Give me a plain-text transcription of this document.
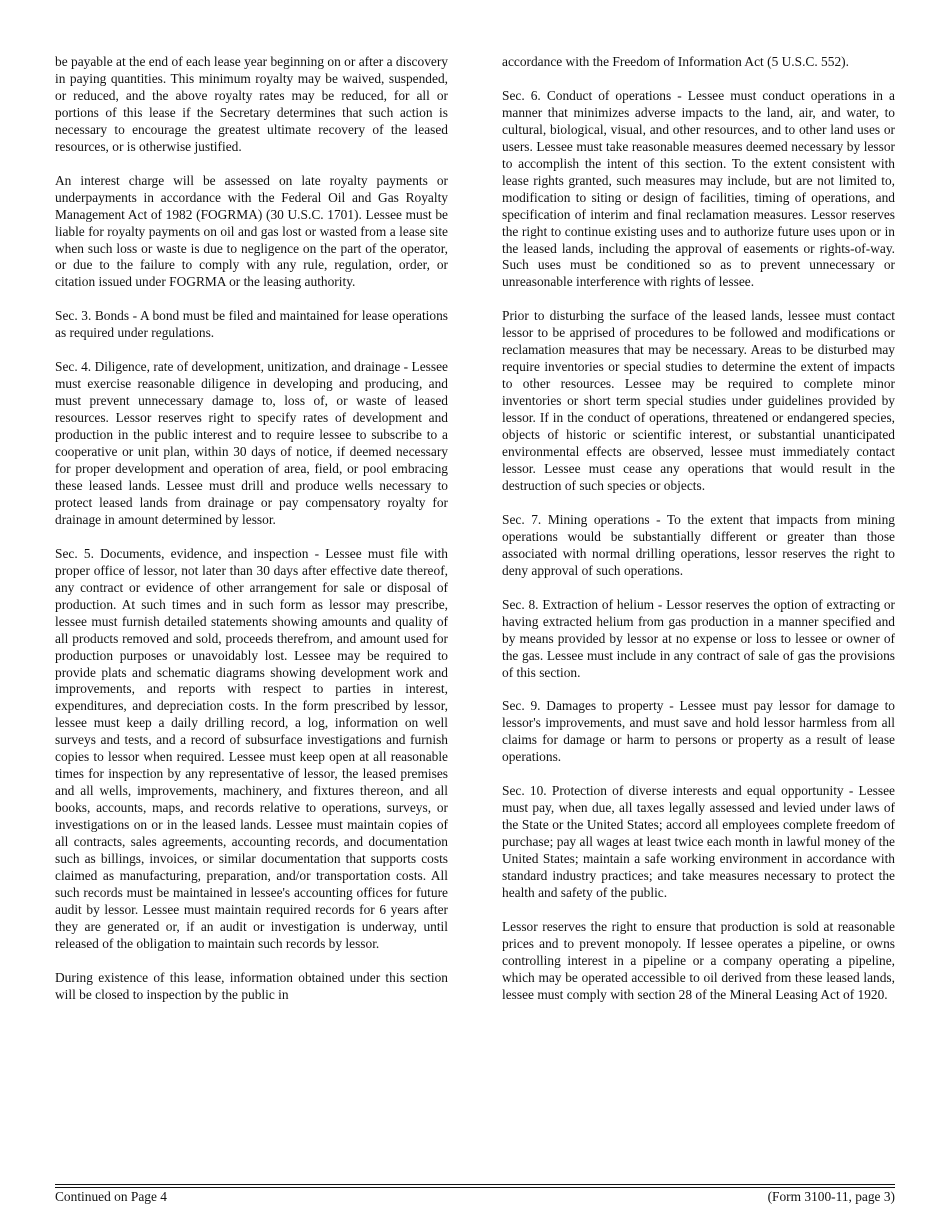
be payable at the end of each lease year beginning on or after a discovery in paying quantities. This minimum royalty may be waived, suspended, or reduced, and the above royalty rates may be reduced, for all or portions of this lease if the Secretary determines that such action is necessary to encourage the greatest ultimate recovery of the leased resources, or is otherwise justified.

An interest charge will be assessed on late royalty payments or underpayments in accordance with the Federal Oil and Gas Royalty Management Act of 1982 (FOGRMA) (30 U.S.C. 1701). Lessee must be liable for royalty payments on oil and gas lost or wasted from a lease site when such loss or waste is due to negligence on the part of the operator, or due to the failure to comply with any rule, regulation, order, or citation issued under FOGRMA or the leasing authority.

Sec. 3. Bonds - A bond must be filed and maintained for lease operations as required under regulations.

Sec. 4. Diligence, rate of development, unitization, and drainage - Lessee must exercise reasonable diligence in developing and producing, and must prevent unnecessary damage to, loss of, or waste of leased resources. Lessor reserves right to specify rates of development and production in the public interest and to require lessee to subscribe to a cooperative or unit plan, within 30 days of notice, if deemed necessary for proper development and operation of area, field, or pool embracing these leased lands. Lessee must drill and produce wells necessary to protect leased lands from drainage or pay compensatory royalty for drainage in amount determined by lessor.

Sec. 5. Documents, evidence, and inspection - Lessee must file with proper office of lessor, not later than 30 days after effective date thereof, any contract or evidence of other arrangement for sale or disposal of production. At such times and in such form as lessor may prescribe, lessee must furnish detailed statements showing amounts and quality of all products removed and sold, proceeds therefrom, and amount used for production purposes or unavoidably lost. Lessee may be required to provide plats and schematic diagrams showing development work and improvements, and reports with respect to parties in interest, expenditures, and depreciation costs. In the form prescribed by lessor, lessee must keep a daily drilling record, a log, information on well surveys and tests, and a record of subsurface investigations and furnish copies to lessor when required. Lessee must keep open at all reasonable times for inspection by any representative of lessor, the leased premises and all wells, improvements, machinery, and fixtures thereon, and all books, accounts, maps, and records relative to operations, surveys, or investigations on or in the leased lands. Lessee must maintain copies of all contracts, sales agreements, accounting records, and documentation such as billings, invoices, or similar documentation that supports costs claimed as manufacturing, preparation, and/or transportation costs. All such records must be maintained in lessee's accounting offices for future audit by lessor. Lessee must maintain required records for 6 years after they are generated or, if an audit or investigation is underway, until released of the obligation to maintain such records by lessor.

During existence of this lease, information obtained under this section will be closed to inspection by the public in

accordance with the Freedom of Information Act (5 U.S.C. 552).

Sec. 6. Conduct of operations - Lessee must conduct operations in a manner that minimizes adverse impacts to the land, air, and water, to cultural, biological, visual, and other resources, and to other land uses or users. Lessee must take reasonable measures deemed necessary by lessor to accomplish the intent of this section. To the extent consistent with lease rights granted, such measures may include, but are not limited to, modification to siting or design of facilities, timing of operations, and specification of interim and final reclamation measures. Lessor reserves the right to continue existing uses and to authorize future uses upon or in the leased lands, including the approval of easements or rights-of-way. Such uses must be conditioned so as to prevent unnecessary or unreasonable interference with rights of lessee.

Prior to disturbing the surface of the leased lands, lessee must contact lessor to be apprised of procedures to be followed and modifications or reclamation measures that may be necessary. Areas to be disturbed may require inventories or special studies to determine the extent of impacts to other resources. Lessee may be required to complete minor inventories or short term special studies under guidelines provided by lessor. If in the conduct of operations, threatened or endangered species, objects of historic or scientific interest, or substantial unanticipated environmental effects are observed, lessee must immediately contact lessor. Lessee must cease any operations that would result in the destruction of such species or objects.

Sec. 7. Mining operations - To the extent that impacts from mining operations would be substantially different or greater than those associated with normal drilling operations, lessor reserves the right to deny approval of such operations.

Sec. 8. Extraction of helium - Lessor reserves the option of extracting or having extracted helium from gas production in a manner specified and by means provided by lessor at no expense or loss to lessee or owner of the gas. Lessee must include in any contract of sale of gas the provisions of this section.

Sec. 9. Damages to property - Lessee must pay lessor for damage to lessor's improvements, and must save and hold lessor harmless from all claims for damage or harm to persons or property as a result of lease operations.

Sec. 10. Protection of diverse interests and equal opportunity - Lessee must pay, when due, all taxes legally assessed and levied under laws of the State or the United States; accord all employees complete freedom of purchase; pay all wages at least twice each month in lawful money of the United States; maintain a safe working environment in accordance with standard industry practices; and take measures necessary to protect the health and safety of the public.

Lessor reserves the right to ensure that production is sold at reasonable prices and to prevent monopoly. If lessee operates a pipeline, or owns controlling interest in a pipeline or a company operating a pipeline, which may be operated accessible to oil derived from these leased lands, lessee must comply with section 28 of the Mineral Leasing Act of 1920.

Continued on Page 4	(Form 3100-11, page 3)
